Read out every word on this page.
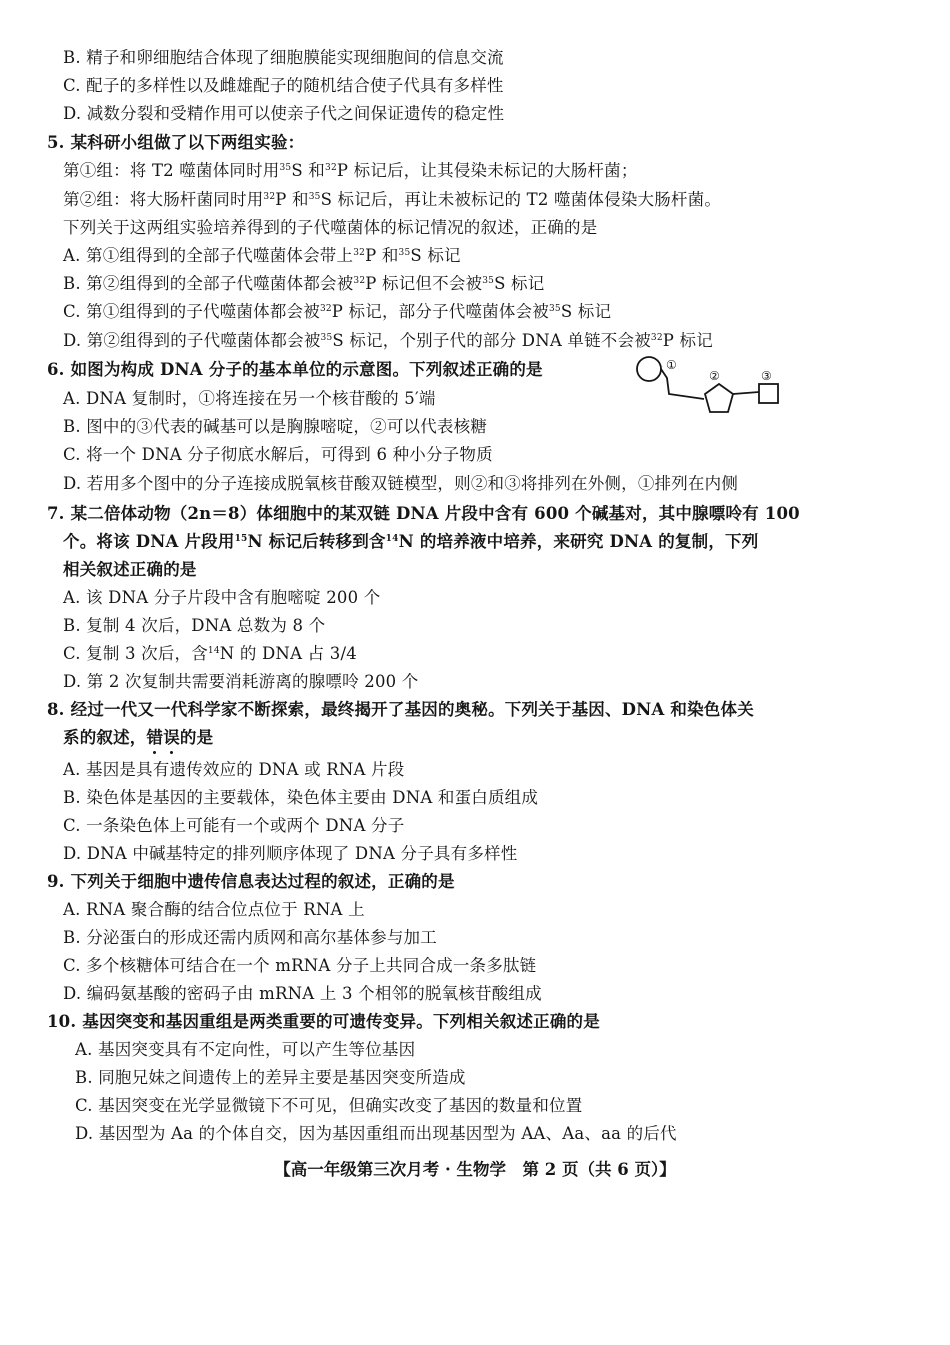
B. 精子和卵细胞结合体现了细胞膜能实现细胞间的信息交流
C. 配子的多样性以及雌雄配子的随机结合使子代具有多样性
D. 减数分裂和受精作用可以使亲子代之间保证遗传的稳定性
5. 某科研小组做了以下两组实验：
第①组：将 T2 噬菌体同时用$^{35}$S 和$^{32}$P 标记后，让其侵染未标记的大肠杆菌；
第②组：将大肠杆菌同时用$^{32}$P 和$^{35}$S 标记后，再让未被标记的 T2 噬菌体侵染大肠杆菌。
下列关于这两组实验培养得到的子代噬菌体的标记情况的叙述，正确的是
A. 第①组得到的全部子代噬菌体会带上$^{32}$P 和$^{35}$S 标记
B. 第②组得到的全部子代噬菌体都会被$^{32}$P 标记但不会被$^{35}$S 标记
C. 第①组得到的子代噬菌体都会被$^{32}$P 标记，部分子代噬菌体会被$^{35}$S 标记
D. 第②组得到的子代噬菌体都会被$^{35}$S 标记，个别子代的部分 DNA 单链不会被$^{32}$P 标记
6. 如图为构成 DNA 分子的基本单位的示意图。下列叙述正确的是	①
②	③
A. DNA 复制时，①将连接在另一个核苷酸的 5′端
B. 图中的③代表的碱基可以是胸腺嘧啶，②可以代表核糖
C. 将一个 DNA 分子彻底水解后，可得到 6 种小分子物质
D. 若用多个图中的分子连接成脱氧核苷酸双链模型，则②和③将排列在外侧，①排列在内侧
7. 某二倍体动物（2n＝8）体细胞中的某双链 DNA 片段中含有 600 个碱基对，其中腺嘌呤有 100
个。将该 DNA 片段用$^{15}$N 标记后转移到含$^{14}$N 的培养液中培养，来研究 DNA 的复制，下列
相关叙述正确的是
A. 该 DNA 分子片段中含有胞嘧啶 200 个
B. 复制 4 次后，DNA 总数为 8 个
C. 复制 3 次后，含$^{14}$N 的 DNA 占 3/4
D. 第 2 次复制共需要消耗游离的腺嘌呤 200 个
8. 经过一代又一代科学家不断探索，最终揭开了基因的奥秘。下列关于基因、DNA 和染色体关
系的叙述，错
误
的是
A. 基因是具有遗传效应的 DNA 或 RNA 片段
B. 染色体是基因的主要载体，染色体主要由 DNA 和蛋白质组成
C. 一条染色体上可能有一个或两个 DNA 分子
D. DNA 中碱基特定的排列顺序体现了 DNA 分子具有多样性
9. 下列关于细胞中遗传信息表达过程的叙述，正确的是
A. RNA 聚合酶的结合位点位于 RNA 上
B. 分泌蛋白的形成还需内质网和高尔基体参与加工
C. 多个核糖体可结合在一个 mRNA 分子上共同合成一条多肽链
D. 编码氨基酸的密码子由 mRNA 上 3 个相邻的脱氧核苷酸组成
10. 基因突变和基因重组是两类重要的可遗传变异。下列相关叙述正确的是
A. 基因突变具有不定向性，可以产生等位基因
B. 同胞兄妹之间遗传上的差异主要是基因突变所造成
C. 基因突变在光学显微镜下不可见，但确实改变了基因的数量和位置
D. 基因型为 Aa 的个体自交，因为基因重组而出现基因型为 AA、Aa、aa 的后代
【高一年级第三次月考 · 生物学　第 2 页（共 6 页）】
